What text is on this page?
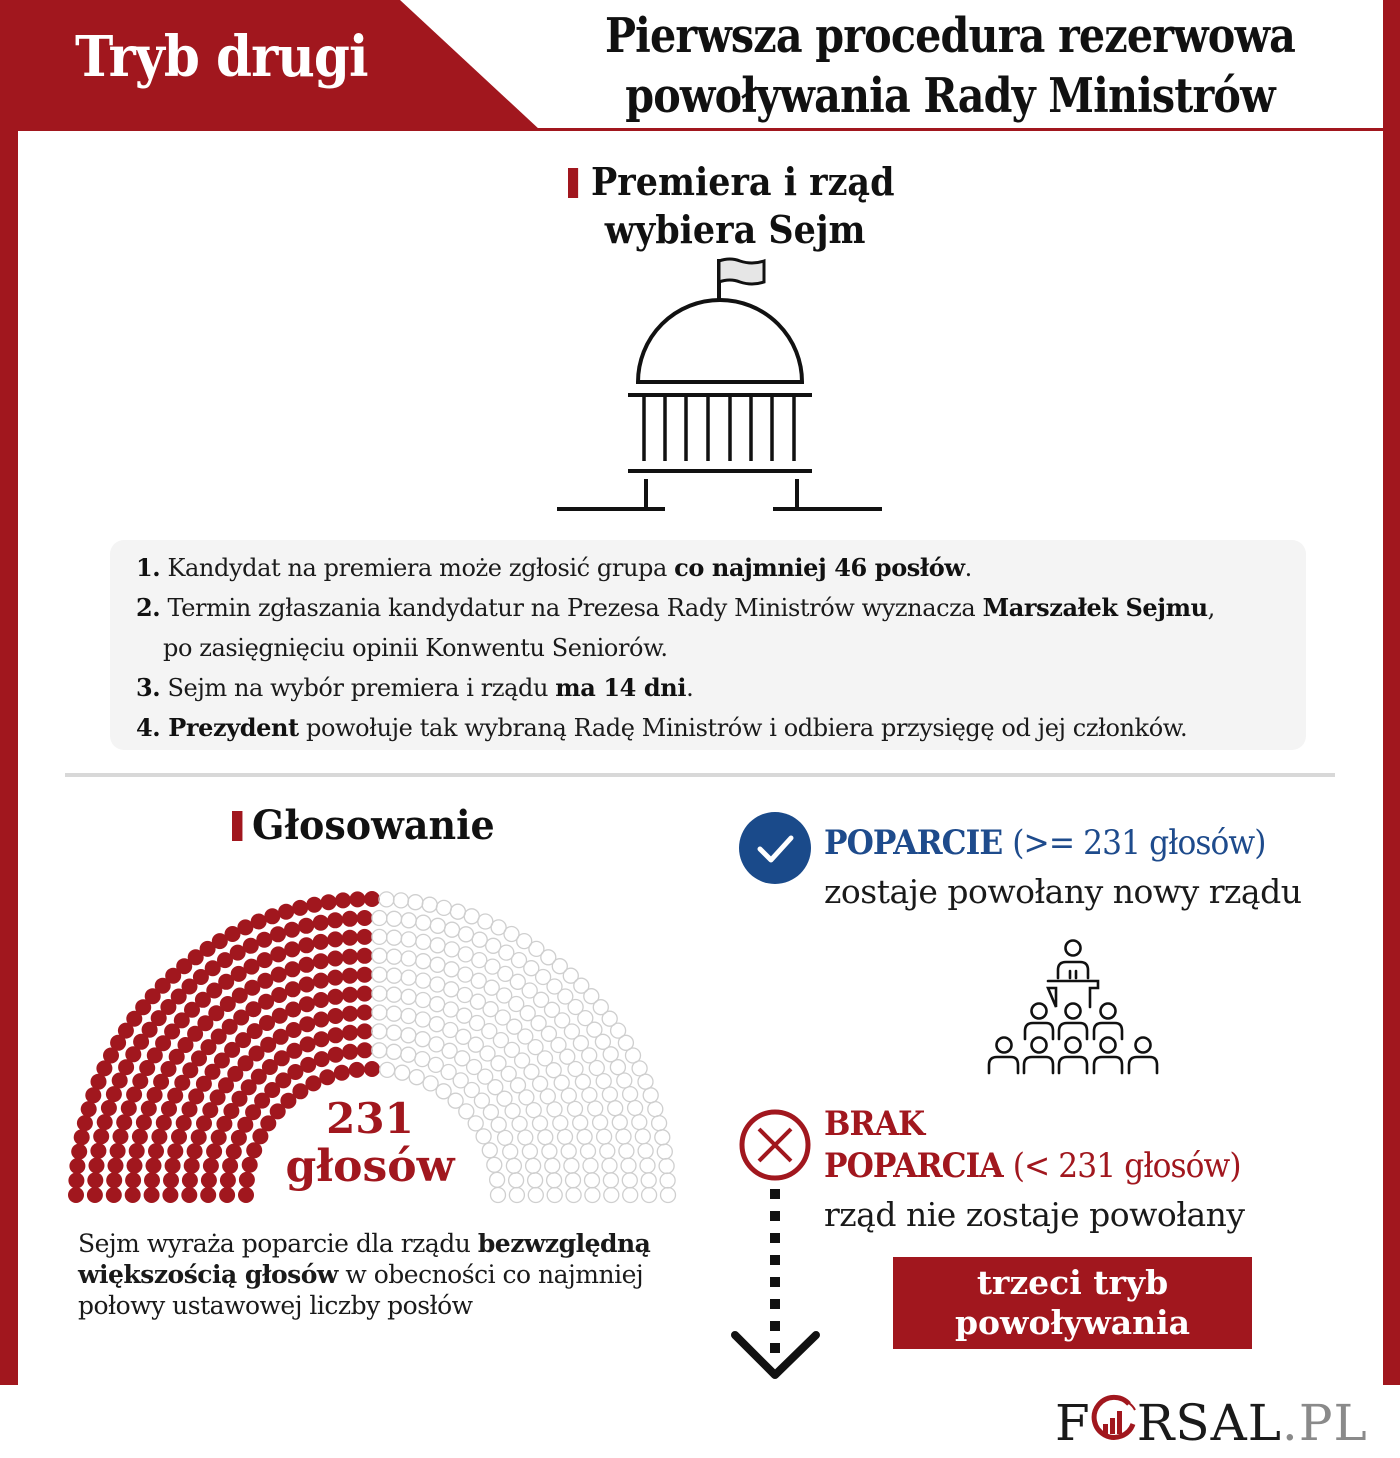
Tryb drugi	Pierwsza procedura rezerwowa
powoływania Rady Ministrów
Premiera i rząd
wybiera Sejm
1. Kandydat na premiera może zgłosić grupa co najmniej 46 posłów.
2. Termin zgłaszania kandydatur na Prezesa Rady Ministrów wyznacza Marszałek Sejmu,
po zasięgnięciu opinii Konwentu Seniorów.
3. Sejm na wybór premiera i rządu ma 14 dni.
4. Prezydent powołuje tak wybraną Radę Ministrów i odbiera przysięgę od jej członków.
Głosowanie
231
głosów
Sejm wyraża poparcie dla rządu bezwzględną większością głosów w obecności co najmniej połowy ustawowej liczby posłów
POPARCIE (>= 231 głosów)
zostaje powołany nowy rządu
BRAK
POPARCIA (< 231 głosów)
rząd nie zostaje powołany
trzeci tryb
powoływania
F RSAL.PL
